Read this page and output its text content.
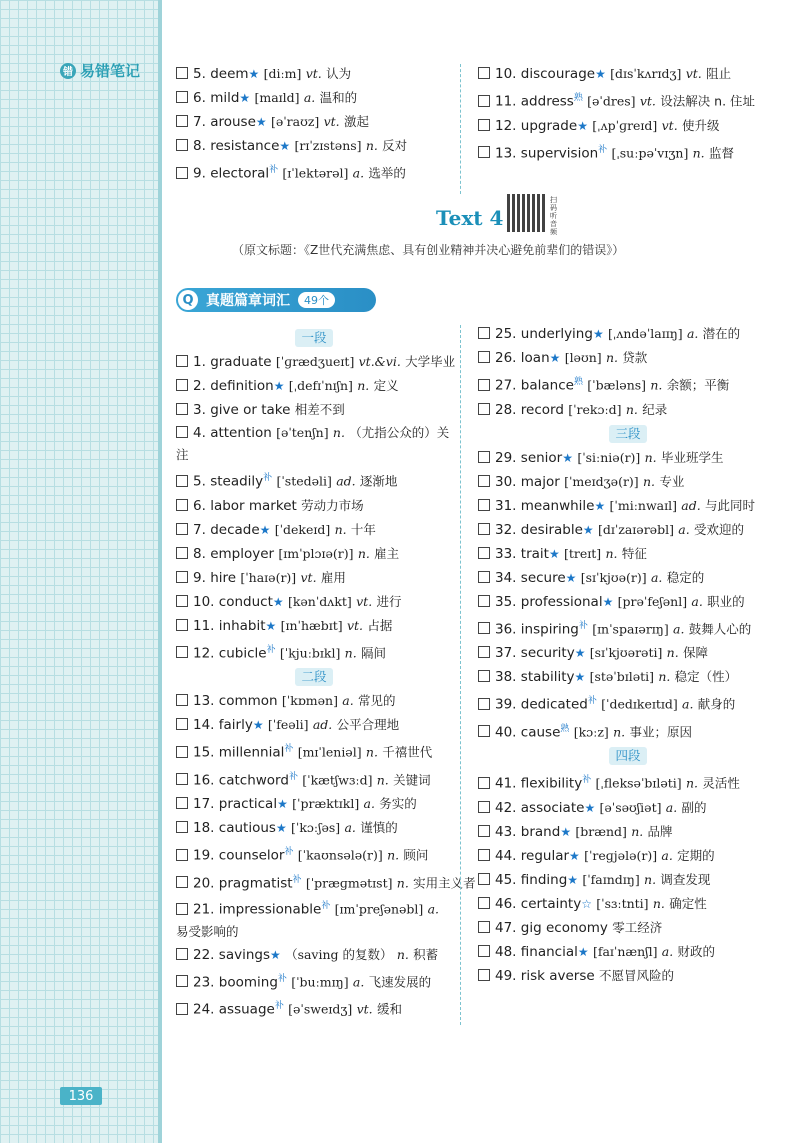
错 易错笔记	5. deem★ [diːm] vt. 认为
6. mild★ [maɪld] a. 温和的
7. arouse★ [əˈraʊz] vt. 激起
8. resistance★ [rɪˈzɪstəns] n. 反对
9. electoral$^补$ [ɪˈlektərəl] a. 选举的
10. discourage★ [dɪsˈkʌrɪdʒ] vt. 阻止
11. address$^熟$ [əˈdres] vt. 设法解决 n. 住址
12. upgrade★ [ˌʌpˈɡreɪd] vt. 使升级
13. supervision$^补$ [ˌsuːpəˈvɪʒn] n. 监督
Text 4
扫码听音频
（原文标题：《Z世代充满焦虑、具有创业精神并决心避免前辈们的错误》）
Q 真题篇章词汇	49个
一段
1. graduate [ˈɡrædʒueɪt] vt.&vi. 大学毕业
2. definition★ [ˌdefɪˈnɪʃn] n. 定义
3. give or take 相差不到
4. attention [əˈtenʃn] n. （尤指公众的）关注
5. steadily$^补$ [ˈstedəli] ad. 逐渐地
6. labor market 劳动力市场
7. decade★ [ˈdekeɪd] n. 十年
8. employer [ɪmˈplɔɪə(r)] n. 雇主
9. hire [ˈhaɪə(r)] vt. 雇用
10. conduct★ [kənˈdʌkt] vt. 进行
11. inhabit★ [ɪnˈhæbɪt] vt. 占据
12. cubicle$^补$ [ˈkjuːbɪkl] n. 隔间
二段
13. common [ˈkɒmən] a. 常见的
14. fairly★ [ˈfeəli] ad. 公平合理地
15. millennial$^补$ [mɪˈleniəl] n. 千禧世代
16. catchword$^补$ [ˈkætʃwɜːd] n. 关键词
17. practical★ [ˈpræktɪkl] a. 务实的
18. cautious★ [ˈkɔːʃəs] a. 谨慎的
19. counselor$^补$ [ˈkaʊnsələ(r)] n. 顾问
20. pragmatist$^补$ [ˈpræɡmətɪst] n. 实用主义者
21. impressionable$^补$ [ɪmˈpreʃənəbl] a. 易受影响的
22. savings★ （saving 的复数） n. 积蓄
23. booming$^补$ [ˈbuːmɪŋ] a. 飞速发展的
24. assuage$^补$ [əˈsweɪdʒ] vt. 缓和
25. underlying★ [ˌʌndəˈlaɪɪŋ] a. 潜在的
26. loan★ [ləʊn] n. 贷款
27. balance$^熟$ [ˈbæləns] n. 余额；平衡
28. record [ˈrekɔːd] n. 纪录
三段
29. senior★ [ˈsiːniə(r)] n. 毕业班学生
30. major [ˈmeɪdʒə(r)] n. 专业
31. meanwhile★ [ˈmiːnwaɪl] ad. 与此同时
32. desirable★ [dɪˈzaɪərəbl] a. 受欢迎的
33. trait★ [treɪt] n. 特征
34. secure★ [sɪˈkjʊə(r)] a. 稳定的
35. professional★ [prəˈfeʃənl] a. 职业的
36. inspiring$^补$ [ɪnˈspaɪərɪŋ] a. 鼓舞人心的
37. security★ [sɪˈkjʊərəti] n. 保障
38. stability★ [stəˈbɪləti] n. 稳定（性）
39. dedicated$^补$ [ˈdedɪkeɪtɪd] a. 献身的
40. cause$^熟$ [kɔːz] n. 事业；原因
四段
41. flexibility$^补$ [ˌfleksəˈbɪləti] n. 灵活性
42. associate★ [əˈsəʊʃiət] a. 副的
43. brand★ [brænd] n. 品牌
44. regular★ [ˈreɡjələ(r)] a. 定期的
45. finding★ [ˈfaɪndɪŋ] n. 调查发现
46. certainty☆ [ˈsɜːtnti] n. 确定性
47. gig economy 零工经济
48. financial★ [faɪˈnænʃl] a. 财政的
49. risk averse 不愿冒风险的
136
